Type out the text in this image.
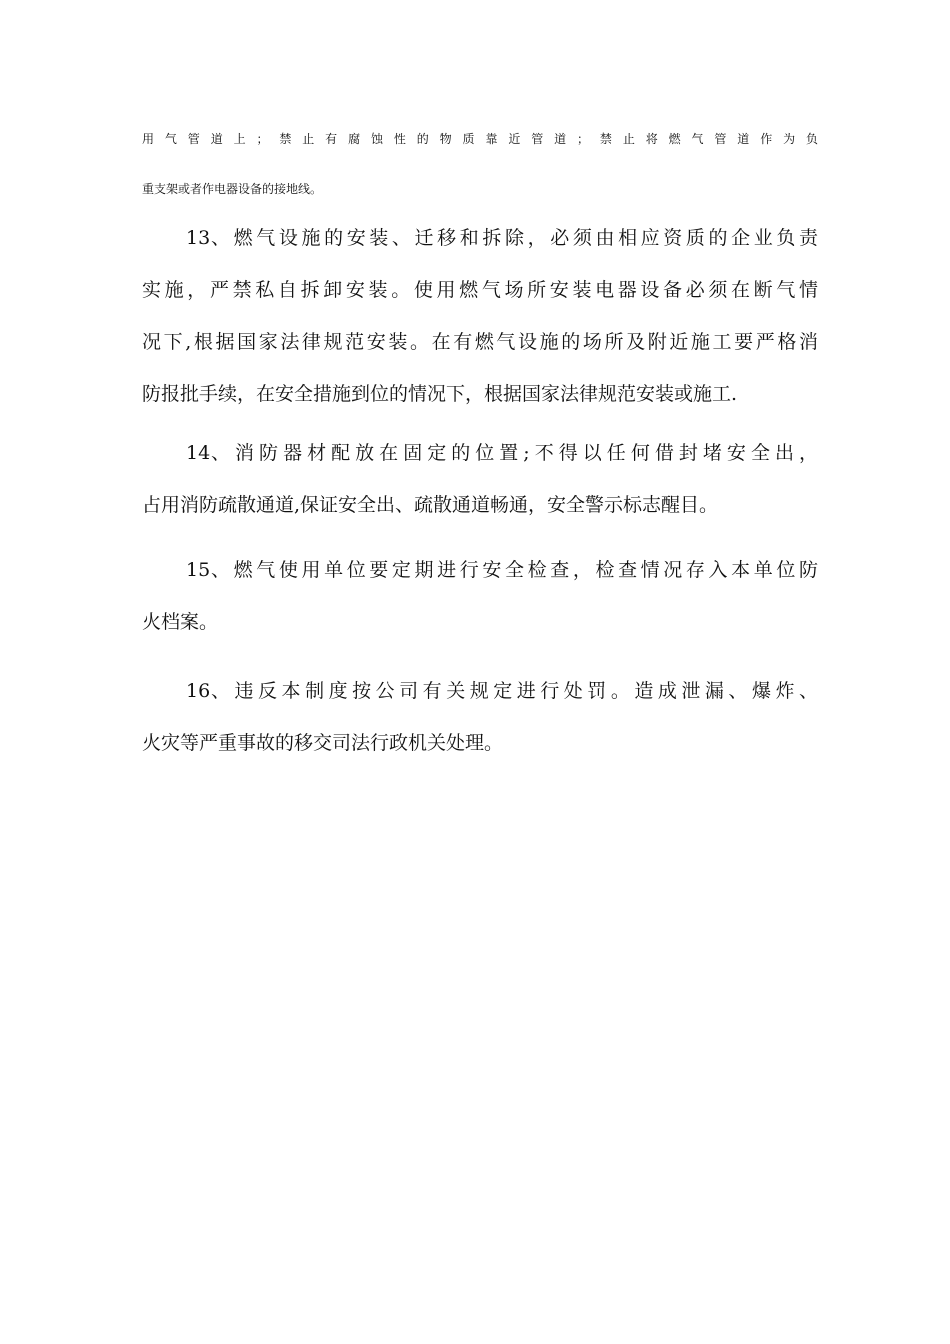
用气管道上；禁止有腐蚀性的物质靠近管道；禁止将燃气管道作为负
重支架或者作电器设备的接地线。
13、燃气设施的安装、迁移和拆除，必须由相应资质的企业负责
实施，严禁私自拆卸安装。使用燃气场所安装电器设备必须在断气情
况下,根据国家法律规范安装。在有燃气设施的场所及附近施工要严格消
防报批手续，在安全措施到位的情况下，根据国家法律规范安装或施工.
14、消防器材配放在固定的位置;不得以任何借封堵安全出，
占用消防疏散通道,保证安全出、疏散通道畅通，安全警示标志醒目。
15、燃气使用单位要定期进行安全检查，检查情况存入本单位防
火档案。
16、违反本制度按公司有关规定进行处罚。造成泄漏、爆炸、
火灾等严重事故的移交司法行政机关处理。
